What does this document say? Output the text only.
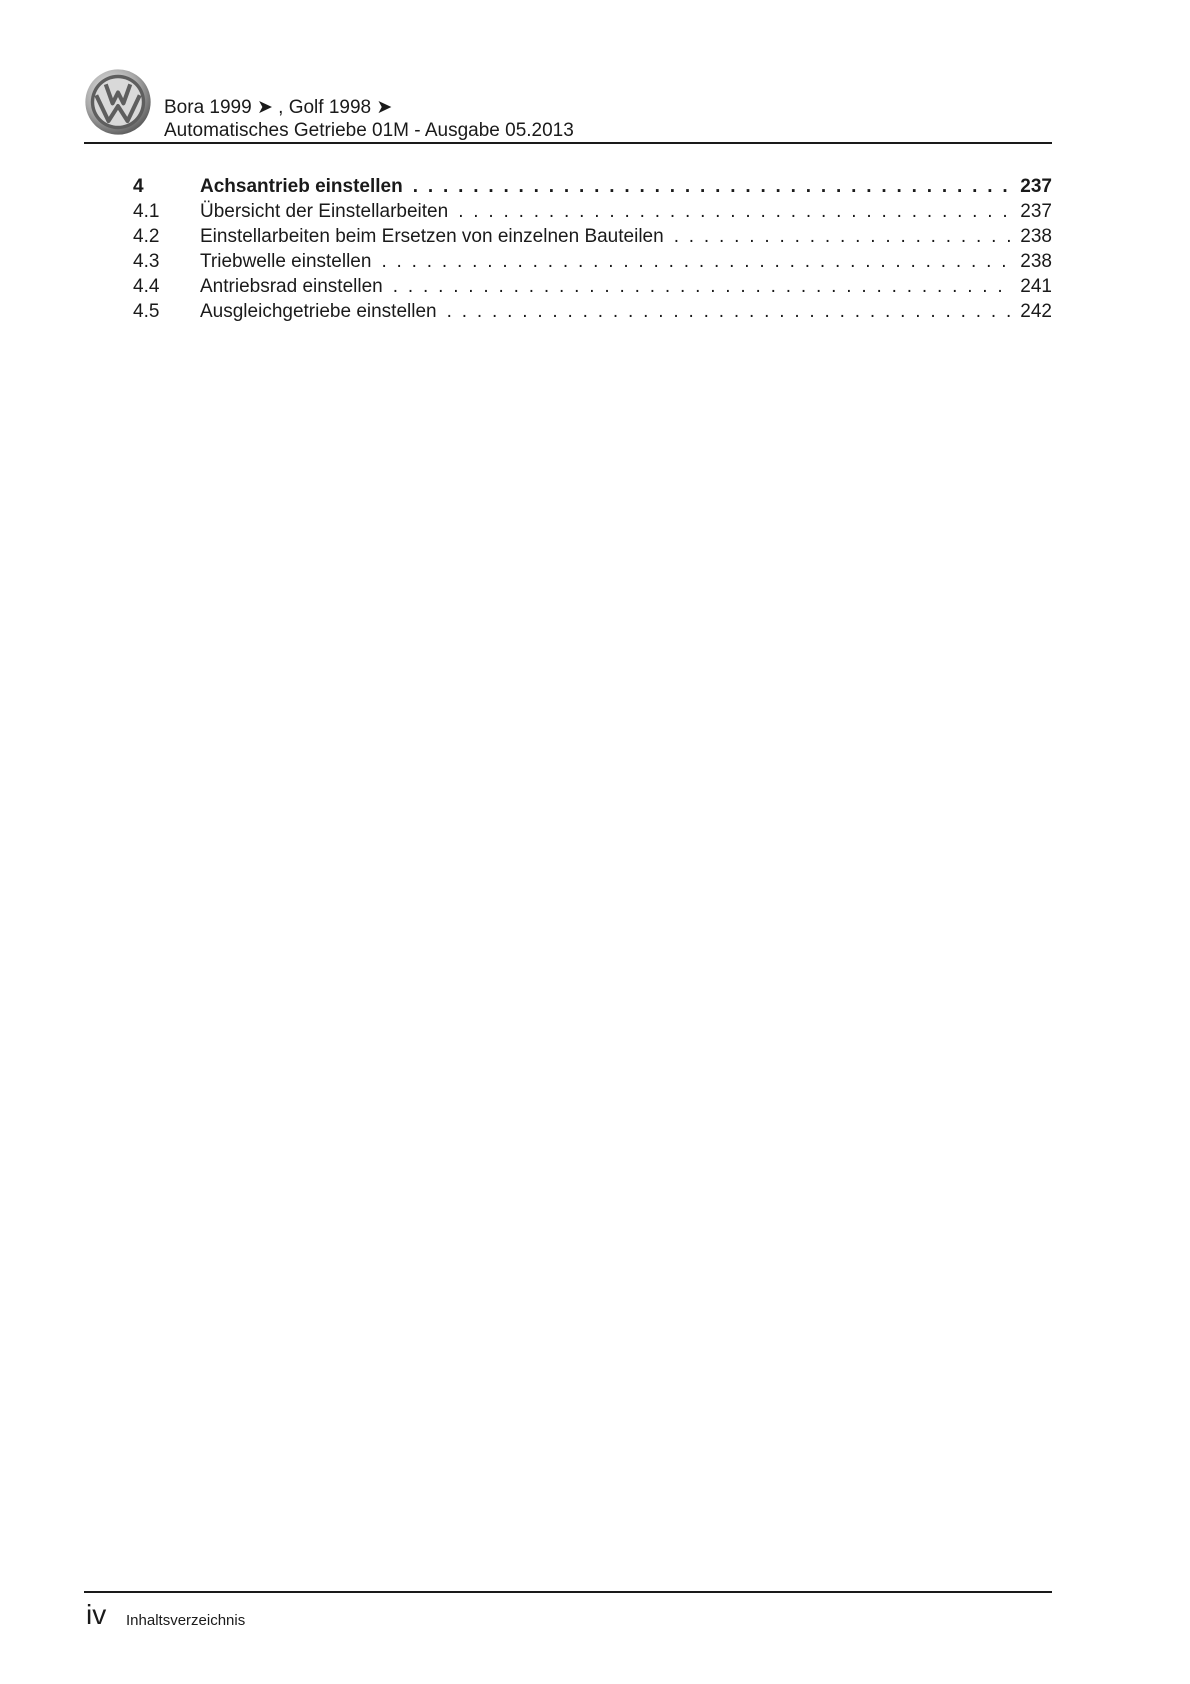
Bora 1999 ➤ , Golf 1998 ➤
Automatisches Getriebe 01M - Ausgabe 05.2013
4	Achsantrieb einstellen . . .	237
4.1	Übersicht der Einstellarbeiten . . .	237
4.2	Einstellarbeiten beim Ersetzen von einzelnen Bauteilen . . .	238
4.3	Triebwelle einstellen . . .	238
4.4	Antriebsrad einstellen . . .	241
4.5	Ausgleichgetriebe einstellen . . .	242
iv Inhaltsverzeichnis
